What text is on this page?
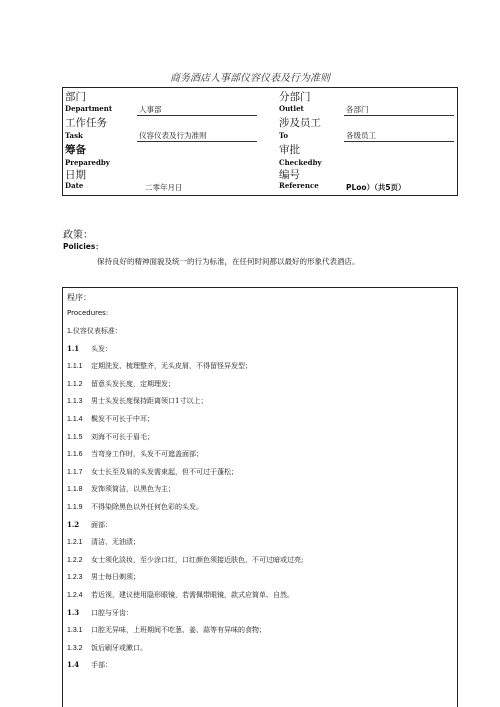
商务酒店人事部仪容仪表及行为准则
部门
Department	人事部
分部门
Outlet	各部门
工作任务
Task	仪容仪表及行为准则
涉及员工
To	各级员工
筹备
Preparedby
审批
Checkedby
日期
Date	二零年月日
编号
Reference	PLoo）（共5页）
政策：
Policies：
保持良好的精神面貌及统一的行为标准，在任何时间都以最好的形象代表酒店。
程序：
Procedures:
1.仪容仪表标准：
1.1 头发：
1.1.1 定期洗发、梳理整齐，无头皮屑，不得留怪异发型；
1.1.2 留意头发长度，定期理发；
1.1.3 男士头发长度保持距离领口1寸以上；
1.1.4 鬓发不可长于中耳；
1.1.5 刘海不可长于眉毛；
1.1.6 当弯身工作时，头发不可遮盖面部；
1.1.7 女士长至及肩的头发需束起，但不可过于蓬松；
1.1.8 发饰须简洁，以黑色为主；
1.1.9 不得染除黑色以外任何色彩的头发。
1.2 面部：
1.2.1 清洁、无油渍；
1.2.2 女士须化淡妆，至少涂口红，口红颜色须接近肤色，不可过暗或过亮;
1.2.3 男士每日剃须；
1.2.4 若近视，建议使用隐形眼镜，若需佩带眼镜，款式应简单、自然。
1.3 口腔与牙齿：
1.3.1 口腔无异味，上班期间不吃葱、姜、蒜等有异味的食物；
1.3.2 饭后刷牙或漱口。
1.4 手部：
